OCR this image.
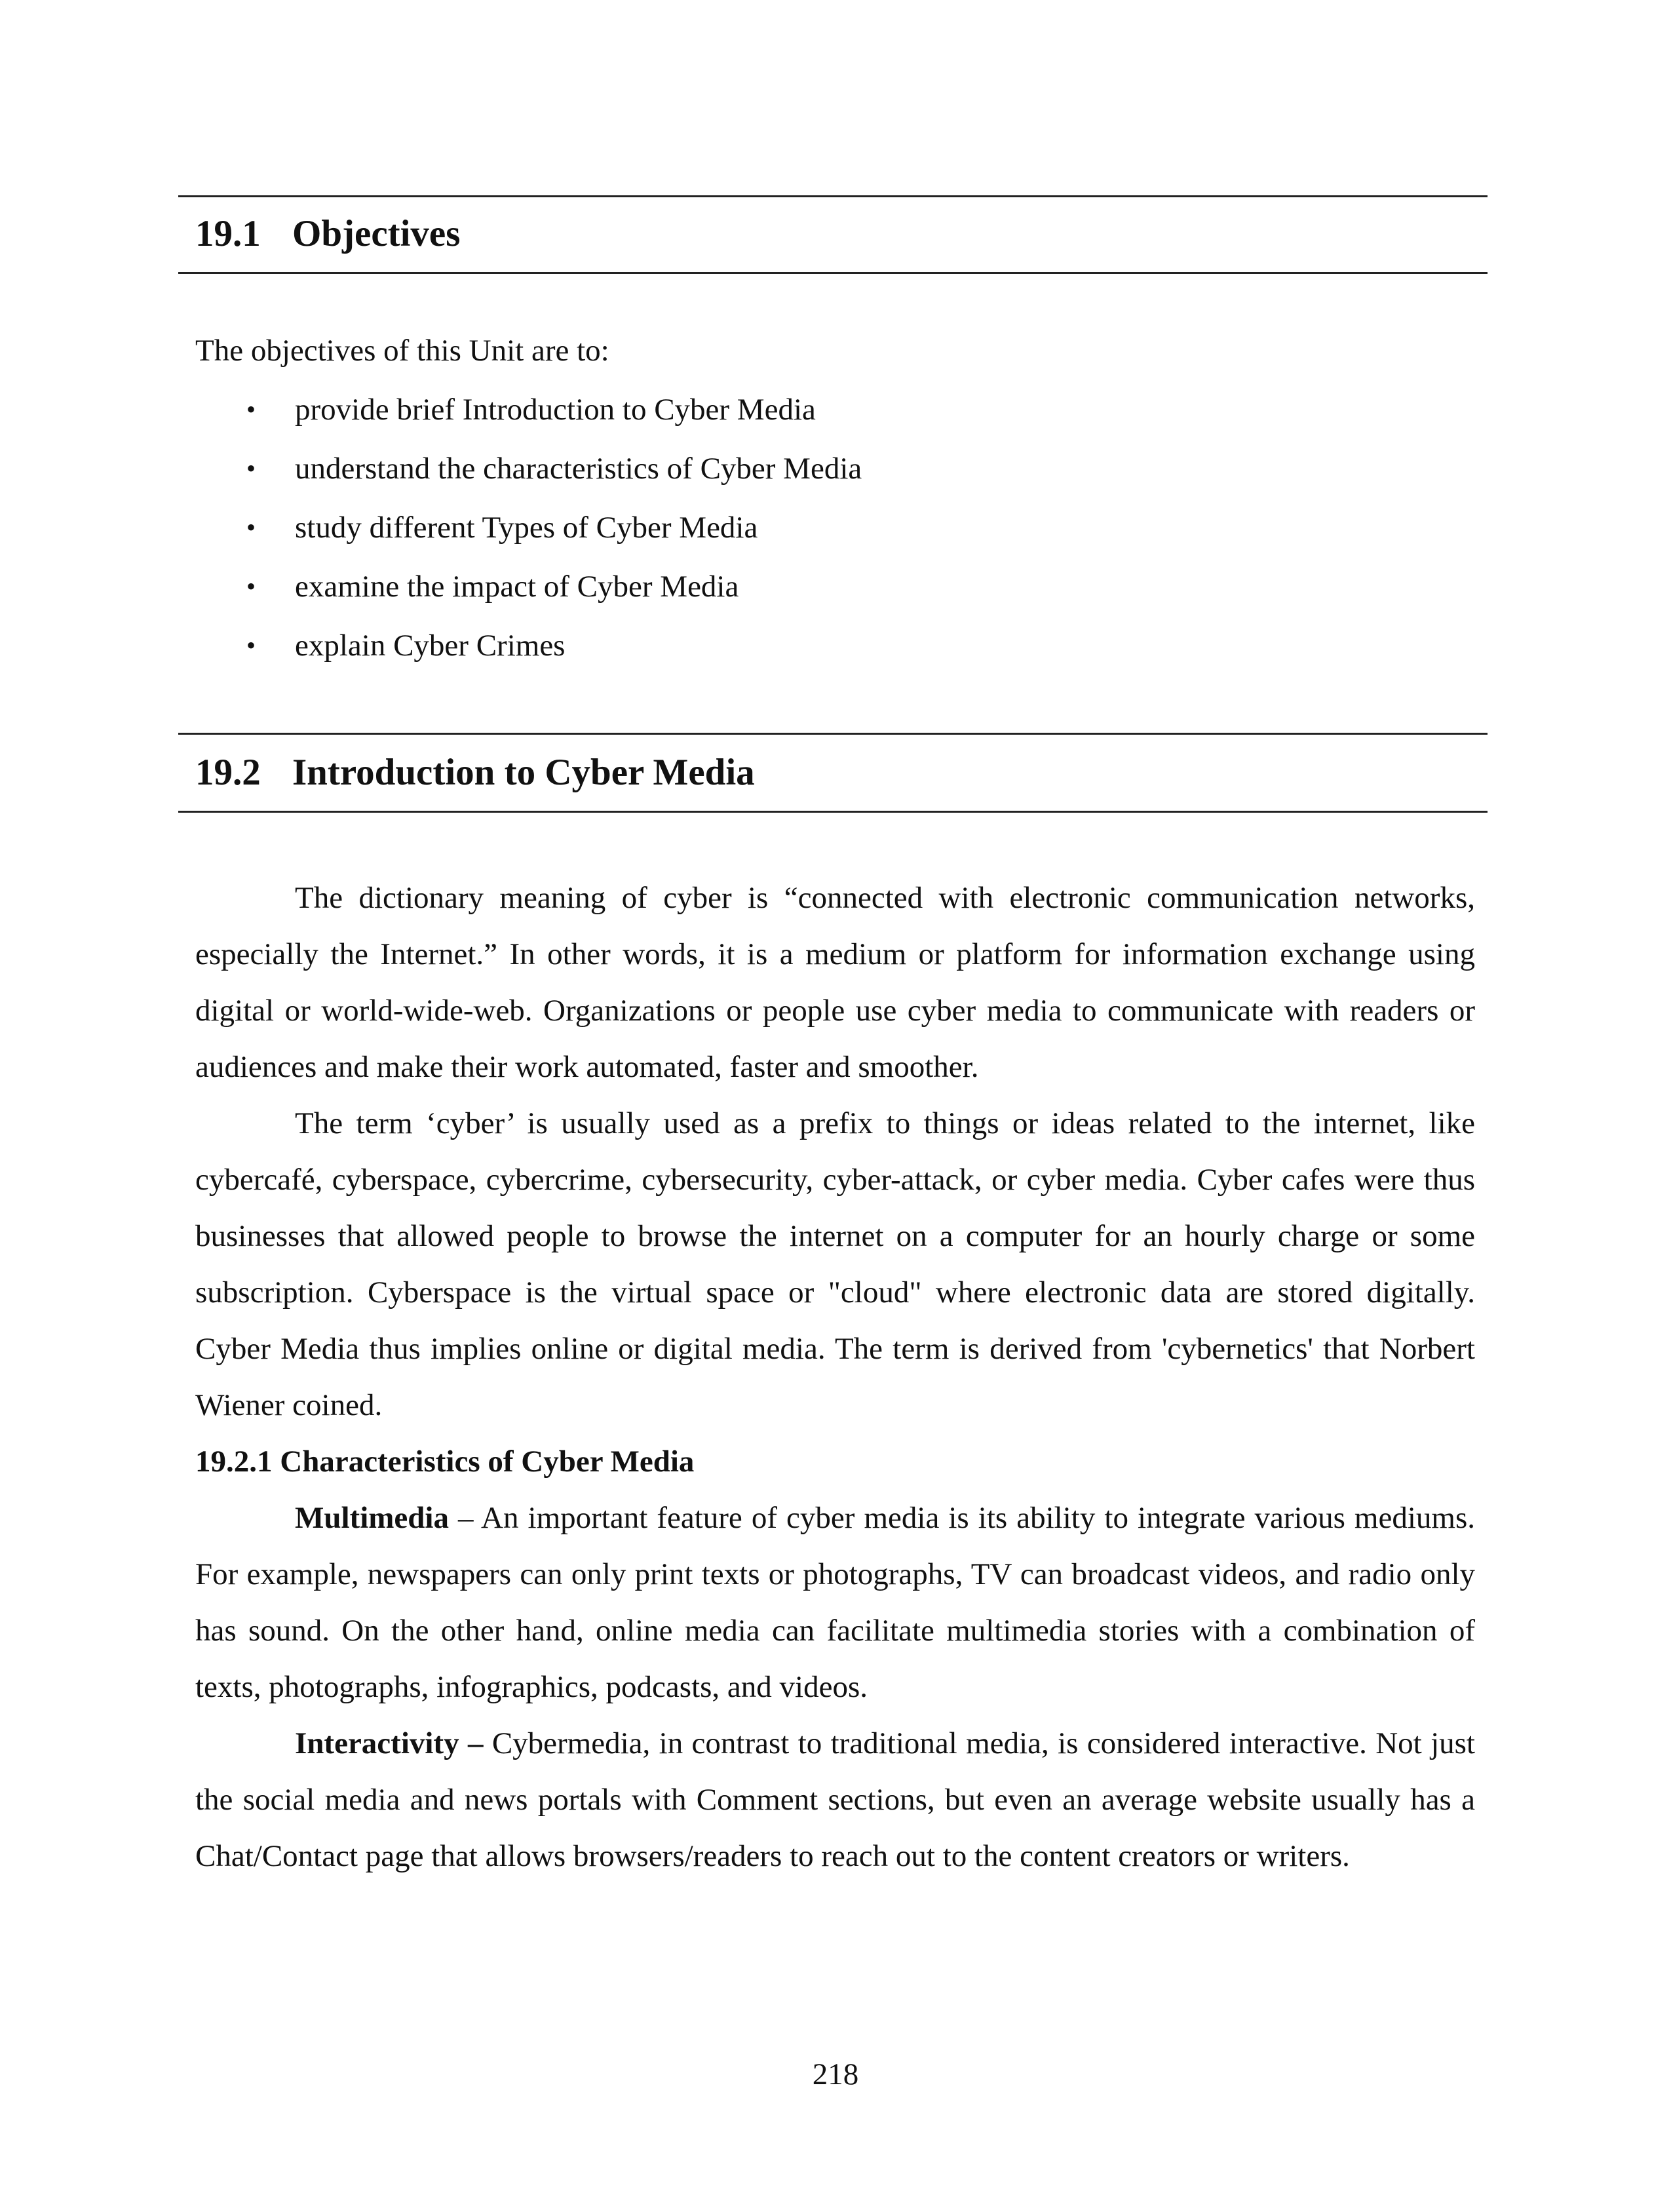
19.1 Objectives
The objectives of this Unit are to:
• provide brief Introduction to Cyber Media
• understand the characteristics of Cyber Media
• study different Types of Cyber Media
• examine the impact of Cyber Media
• explain Cyber Crimes
19.2 Introduction to Cyber Media

The dictionary meaning of cyber is “connected with electronic communication networks, especially the Internet.” In other words, it is a medium or platform for information exchange using digital or world-wide-web. Organizations or people use cyber media to communicate with readers or audiences and make their work automated, faster and smoother.

The term ‘cyber’ is usually used as a prefix to things or ideas related to the internet, like cybercafé, cyberspace, cybercrime, cybersecurity, cyber-attack, or cyber media. Cyber cafes were thus businesses that allowed people to browse the internet on a computer for an hourly charge or some subscription. Cyberspace is the virtual space or "cloud" where electronic data are stored digitally. Cyber Media thus implies online or digital media. The term is derived from 'cybernetics' that Norbert Wiener coined.

19.2.1 Characteristics of Cyber Media

Multimedia – An important feature of cyber media is its ability to integrate various mediums. For example, newspapers can only print texts or photographs, TV can broadcast videos, and radio only has sound. On the other hand, online media can facilitate multimedia stories with a combination of texts, photographs, infographics, podcasts, and videos.

Interactivity – Cybermedia, in contrast to traditional media, is considered interactive. Not just the social media and news portals with Comment sections, but even an average website usually has a Chat/Contact page that allows browsers/readers to reach out to the content creators or writers.

218
